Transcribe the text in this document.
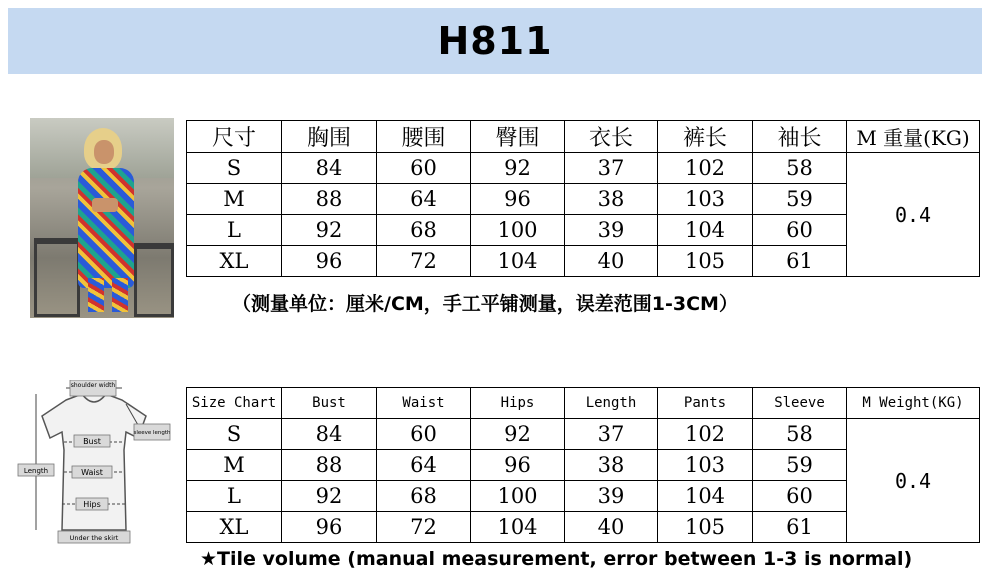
H811
尺寸	胸围	腰围	臀围	衣长	裤长	袖长	M 重量(KG)
S	84	60	92	37	102	58	0.4
M	88	64	96	38	103	59	
L	92	68	100	39	104	60	
XL	96	72	104	40	105	61	
（测量单位：厘米/CM，手工平铺测量，误差范围1-3CM）
shoulder width
Bust
Waist
Hips
Length
sleeve length
Under the skirt
Size Chart	Bust	Waist	Hips	Length	Pants	Sleeve	M Weight(KG)
S	84	60	92	37	102	58	0.4
M	88	64	96	38	103	59	
L	92	68	100	39	104	60	
XL	96	72	104	40	105	61	
★Tile volume (manual measurement, error between 1-3 is normal)
